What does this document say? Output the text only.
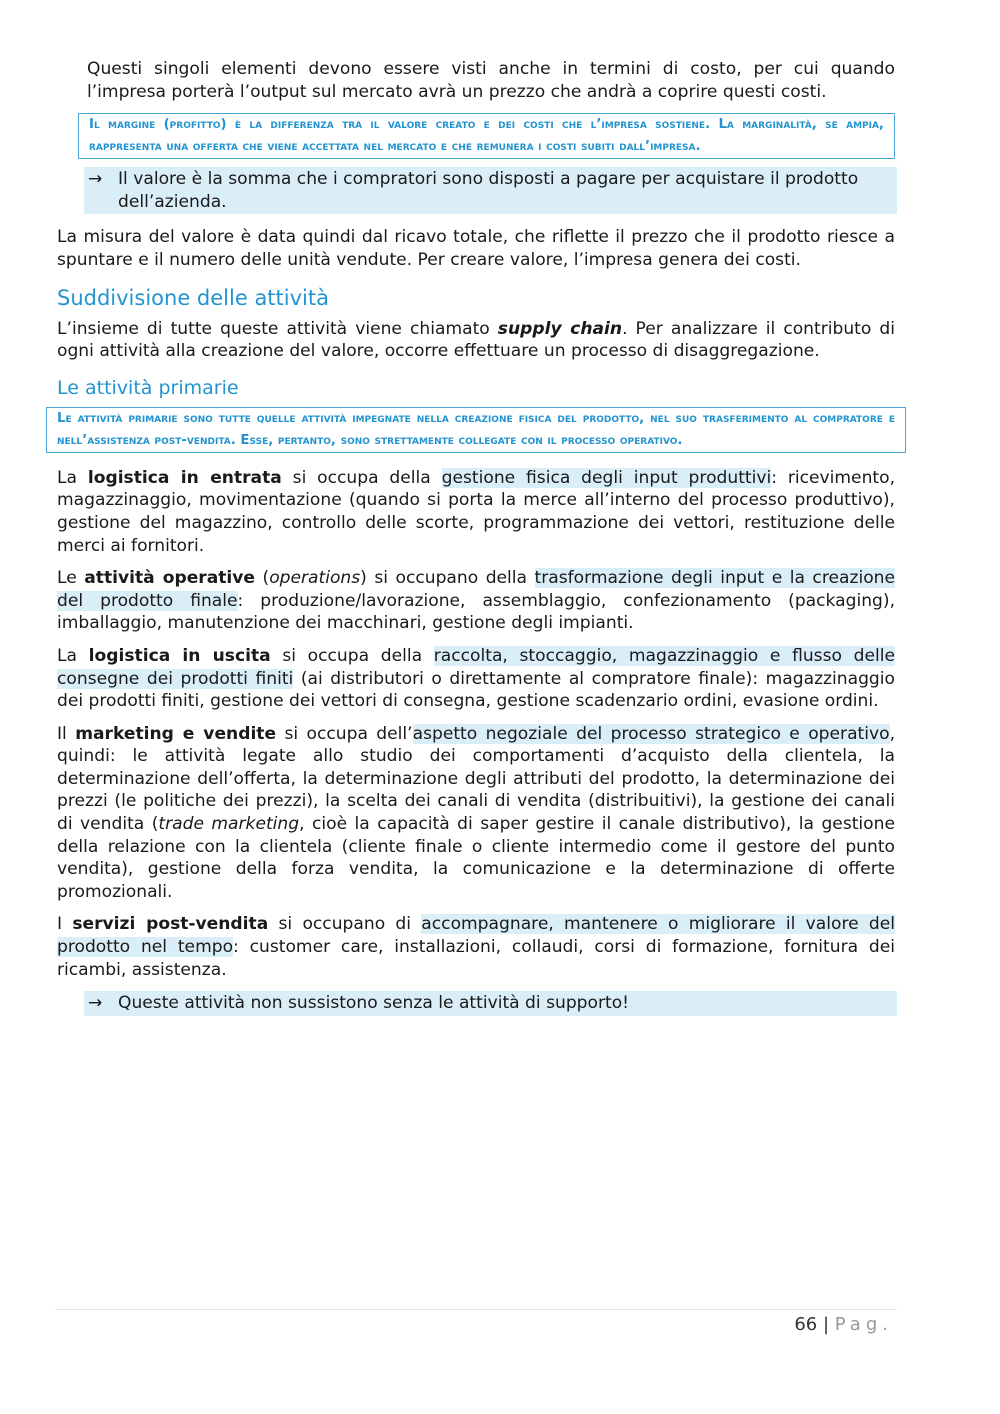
Questi singoli elementi devono essere visti anche in termini di costo, per cui quando l’impresa porterà l’output sul mercato avrà un prezzo che andrà a coprire questi costi.

Il margine (profitto) è la differenza tra il valore creato e dei costi che l’impresa sostiene. La marginalità, se ampia, rappresenta una offerta che viene accettata nel mercato e che remunera i costi subiti dall’impresa.
→ Il valore è la somma che i compratori sono disposti a pagare per acquistare il prodotto dell’azienda.

La misura del valore è data quindi dal ricavo totale, che riflette il prezzo che il prodotto riesce a spuntare e il numero delle unità vendute. Per creare valore, l’impresa genera dei costi.

Suddivisione delle attività

L’insieme di tutte queste attività viene chiamato supply chain. Per analizzare il contributo di ogni attività alla creazione del valore, occorre effettuare un processo di disaggregazione.

Le attività primarie
Le attività primarie sono tutte quelle attività impegnate nella creazione fisica del prodotto, nel suo trasferimento al compratore e nell’assistenza post-vendita. Esse, pertanto, sono strettamente collegate con il processo operativo.

La logistica in entrata si occupa della gestione fisica degli input produttivi: ricevimento, magazzinaggio, movimentazione (quando si porta la merce all’interno del processo produttivo), gestione del magazzino, controllo delle scorte, programmazione dei vettori, restituzione delle merci ai fornitori.

Le attività operative (operations) si occupano della trasformazione degli input e la creazione del prodotto finale: produzione/lavorazione, assemblaggio, confezionamento (packaging), imballaggio, manutenzione dei macchinari, gestione degli impianti.

La logistica in uscita si occupa della raccolta, stoccaggio, magazzinaggio e flusso delle consegne dei prodotti finiti (ai distributori o direttamente al compratore finale): magazzinaggio dei prodotti finiti, gestione dei vettori di consegna, gestione scadenzario ordini, evasione ordini.

Il marketing e vendite si occupa dell’aspetto negoziale del processo strategico e operativo, quindi: le attività legate allo studio dei comportamenti d’acquisto della clientela, la determinazione dell’offerta, la determinazione degli attributi del prodotto, la determinazione dei prezzi (le politiche dei prezzi), la scelta dei canali di vendita (distribuitivi), la gestione dei canali di vendita (trade marketing, cioè la capacità di saper gestire il canale distributivo), la gestione della relazione con la clientela (cliente finale o cliente intermedio come il gestore del punto vendita), gestione della forza vendita, la comunicazione e la determinazione di offerte promozionali.

I servizi post-vendita si occupano di accompagnare, mantenere o migliorare il valore del prodotto nel tempo: customer care, installazioni, collaudi, corsi di formazione, fornitura dei ricambi, assistenza.

→ Queste attività non sussistono senza le attività di supporto!
66 | Pag.
